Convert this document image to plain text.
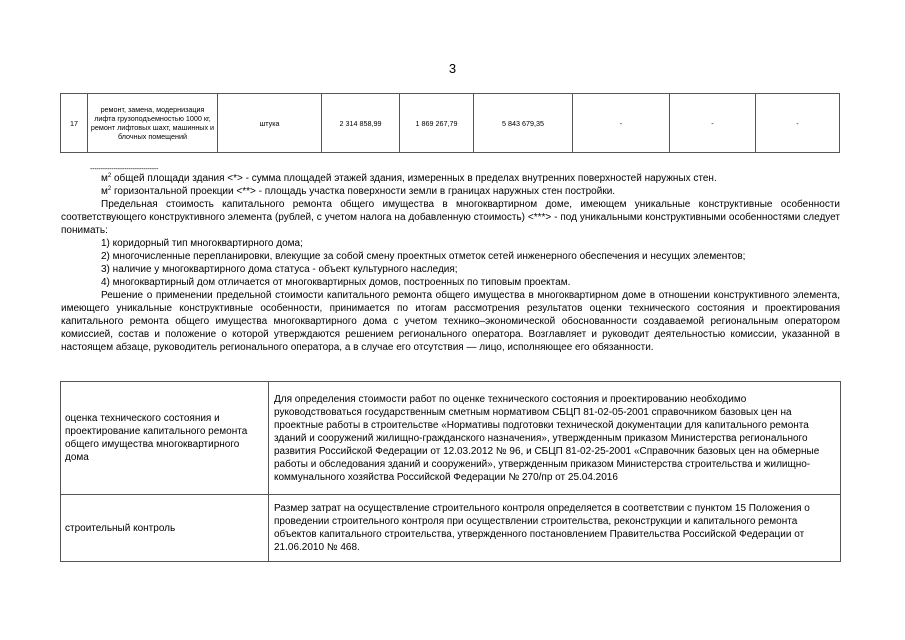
3
17	ремонт, замена, модернизация лифта грузоподъемностью 1000 кг, ремонт лифтовых шахт, машинных и блочных помещений	штука	2 314 858,99	1 869 267,79	5 843 679,35	-	-	-
--------------------------------

$м^2$ общей площади здания <*> - сумма площадей этажей здания, измеренных в пределах внутренних поверхностей наружных стен.

$м^2$ горизонтальной проекции <**> - площадь участка поверхности земли в границах наружных стен постройки.

Предельная стоимость капитального ремонта общего имущества в многоквартирном доме, имеющем уникальные конструктивные особенности соответствующего конструктивного элемента (рублей, с учетом налога на добавленную стоимость) <***> - под уникальными конструктивными особенностями следует понимать:

1) коридорный тип многоквартирного дома;

2) многочисленные перепланировки, влекущие за собой смену проектных отметок сетей инженерного обеспечения и несущих элементов;

3) наличие у многоквартирного дома статуса - объект культурного наследия;

4) многоквартирный дом отличается от многоквартирных домов, построенных по типовым проектам.

Решение о применении предельной стоимости капитального ремонта общего имущества в многоквартирном доме в отношении конструктивного элемента, имеющего уникальные конструктивные особенности, принимается по итогам рассмотрения результатов оценки технического состояния и проектирования капитального ремонта общего имущества многоквартирного дома с учетом технико–экономической обоснованности создаваемой региональным оператором комиссией, состав и положение о которой утверждаются решением регионального оператора. Возглавляет и руководит деятельностью комиссии, указанной в настоящем абзаце, руководитель регионального оператора, а в случае его отсутствия — лицо, исполняющее его обязанности.

оценка технического состояния и проектирование капитального ремонта общего имущества многоквартирного дома	Для определения стоимости работ по оценке технического состояния и проектированию необходимо руководствоваться государственным сметным нормативом СБЦП 81-02-05-2001 справочником базовых цен на проектные работы в строительстве «Нормативы подготовки технической документации для капитального ремонта зданий и сооружений жилищно-гражданского назначения», утвержденным приказом Министерства регионального развития Российской Федерации от 12.03.2012 № 96, и СБЦП 81-02-25-2001 «Справочник базовых цен на обмерные работы и обследования зданий и сооружений», утвержденным приказом Министерства строительства и жилищно-коммунального хозяйства Российской Федерации № 270/пр от 25.04.2016
строительный контроль	Размер затрат на осуществление строительного контроля определяется в соответствии с пунктом 15 Положения о проведении строительного контроля при осуществлении строительства, реконструкции и капитального ремонта объектов капитального строительства, утвержденного постановлением Правительства Российской Федерации от 21.06.2010 № 468.
